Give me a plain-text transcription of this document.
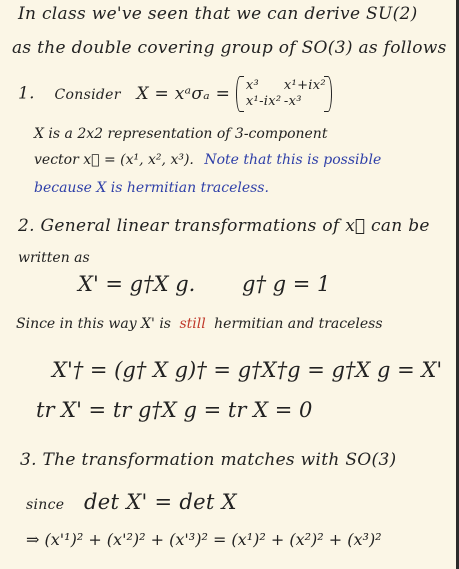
In class we've seen that we can derive SU(2)
as the double covering group of SO(3) as follows
1. Consider X = xᵃσₐ = x³ x¹+ix²
x¹-ix² -x³
X is a 2x2 representation of 3-component
vector x⃗ = (x¹, x², x³). Note that this is possible
because X is hermitian traceless.
2. General linear transformations of x⃗ can be
written as
X' = g†X g. g† g = 1
Since in this way X' is still hermitian and traceless
X'† = (g† X g)† = g†X†g = g†X g = X'
tr X' = tr g†X g = tr X = 0
3. The transformation matches with SO(3)
since det X' = det X
⇒ (x'¹)² + (x'²)² + (x'³)² = (x¹)² + (x²)² + (x³)²
